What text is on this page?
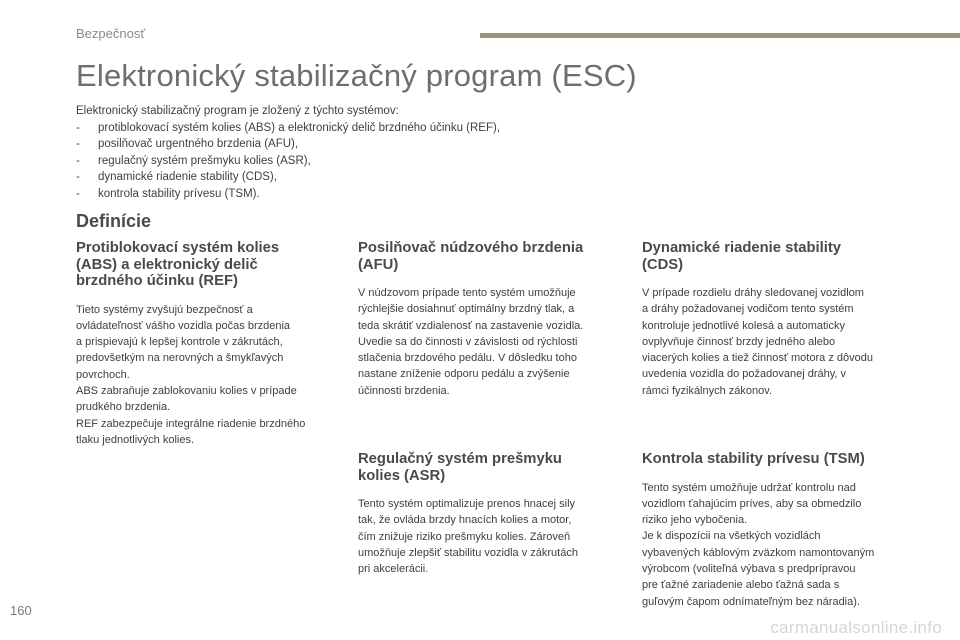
Bezpečnosť
Elektronický stabilizačný program (ESC)
Elektronický stabilizačný program je zložený z týchto systémov:
- protiblokovací systém kolies (ABS) a elektronický delič brzdného účinku (REF),
- posilňovač urgentného brzdenia (AFU),
- regulačný systém prešmyku kolies (ASR),
- dynamické riadenie stability (CDS),
- kontrola stability prívesu (TSM).
Definície
Protiblokovací systém kolies
(ABS) a elektronický delič
brzdného účinku (REF)

Tieto systémy zvyšujú bezpečnosť a
ovládateľnosť vášho vozidla počas brzdenia
a prispievajú k lepšej kontrole v zákrutách,
predovšetkým na nerovných a šmykľavých
povrchoch.
ABS zabraňuje zablokovaniu kolies v prípade
prudkého brzdenia.
REF zabezpečuje integrálne riadenie brzdného
tlaku jednotlivých kolies.

Posilňovač núdzového brzdenia
(AFU)

V núdzovom prípade tento systém umožňuje
rýchlejšie dosiahnuť optimálny brzdný tlak, a
teda skrátiť vzdialenosť na zastavenie vozidla.
Uvedie sa do činnosti v závislosti od rýchlosti
stlačenia brzdového pedálu. V dôsledku toho
nastane zníženie odporu pedálu a zvýšenie
účinnosti brzdenia.

Dynamické riadenie stability
(CDS)

V prípade rozdielu dráhy sledovanej vozidlom
a dráhy požadovanej vodičom tento systém
kontroluje jednotlivé kolesá a automaticky
ovplyvňuje činnosť brzdy jedného alebo
viacerých kolies a tiež činnosť motora z dôvodu
uvedenia vozidla do požadovanej dráhy, v
rámci fyzikálnych zákonov.

Regulačný systém prešmyku
kolies (ASR)

Tento systém optimalizuje prenos hnacej sily
tak, že ovláda brzdy hnacích kolies a motor,
čím znižuje riziko prešmyku kolies. Zároveň
umožňuje zlepšiť stabilitu vozidla v zákrutách
pri akcelerácii.

Kontrola stability prívesu (TSM)

Tento systém umožňuje udržať kontrolu nad
vozidlom ťahajúcim príves, aby sa obmedzilo
riziko jeho vybočenia.
Je k dispozícii na všetkých vozidlách
vybavených káblovým zväzkom namontovaným
výrobcom (voliteľná výbava s predprípravou
pre ťažné zariadenie alebo ťažná sada s
guľovým čapom odnímateľným bez náradia).

160
carmanualsonline.info
